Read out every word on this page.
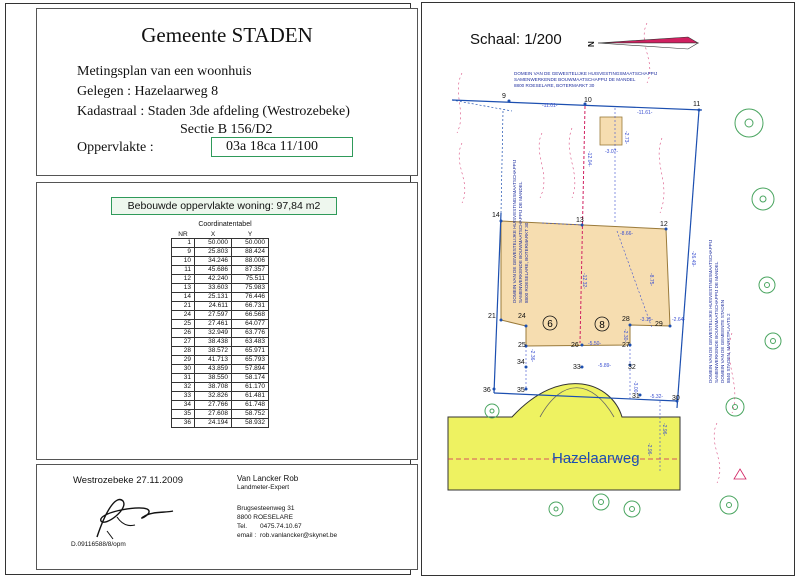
Gemeente STADEN
Metingsplan van een woonhuis
Gelegen : Hazelaarweg 8
Kadastraal : Staden 3de afdeling (Westrozebeke)
Sectie B 156/D2
Oppervlakte :	03a 18ca 11/100
Bebouwde oppervlakte woning: 97,84 m2
Coordinatentabel
NR	X	Y
1	50.000	50.000
9	25.803	88.424
10	34.246	88.006
11	45.686	87.357
12	42.240	75.511
13	33.603	75.983
14	25.131	76.446
21	24.611	66.731
24	27.597	66.568
25	27.461	64.077
26	32.949	63.776
27	38.438	63.483
28	38.572	65.971
29	41.713	65.793
30	43.859	57.894
31	38.550	58.174
32	38.708	61.170
33	32.826	61.481
34	27.766	61.748
35	27.608	58.752
36	24.194	58.932
Westrozebeke 27.11.2009
D.09116588/8/opm
Van Lancker Rob
Landmeter-Expert
Brugsesteenweg 31
8800 ROESELARE
Tel. 0475.74.10.67
email : rob.vanlancker@skynet.be
Schaal: 1/200
9
10
11
12
13
14
21	24
25	26	27
28
29
30
31
32
33
34
35
36
6	8
Hazelaarweg
N
-11.01-
-11.61-
-2.73-
-3.07-
-12.04-
-8.66-
-12.32-	-8.75-
-3.15-	-2.64-
-2.30-
-5.50-
-5.89-
-3.00-
-5.32-
-2.96-
-2.96-
-26.49-
-2.36-
DOMEIN VAN DE GEWESTELIJKE HUISVESTINGSMAATSCHAPPIJ
SAMENWERKENDE BOUWMAATSCHAPPIJ DE MANDEL
8800 ROESELARE, BOTERMARKT 30
DOMEIN VAN DE GEWESTELIJKE HUISVESTINGSMAATSCHAPPIJ SAMENWERKENDE BOUWMAATSCHAPPIJ DE MANDEL 8800 ROESELARE, BOTERMARKT 30	DOMEIN VAN DE GEWESTELIJKE HUISVESTINGSMAATSCHAPPIJ SAMENWERKENDE BOUWMAATSCHAPPIJ DE MANDEL DOMEIN VAN DE GEMEENTE STADEN 8840 STADEN, MARKTPLAATS 2
